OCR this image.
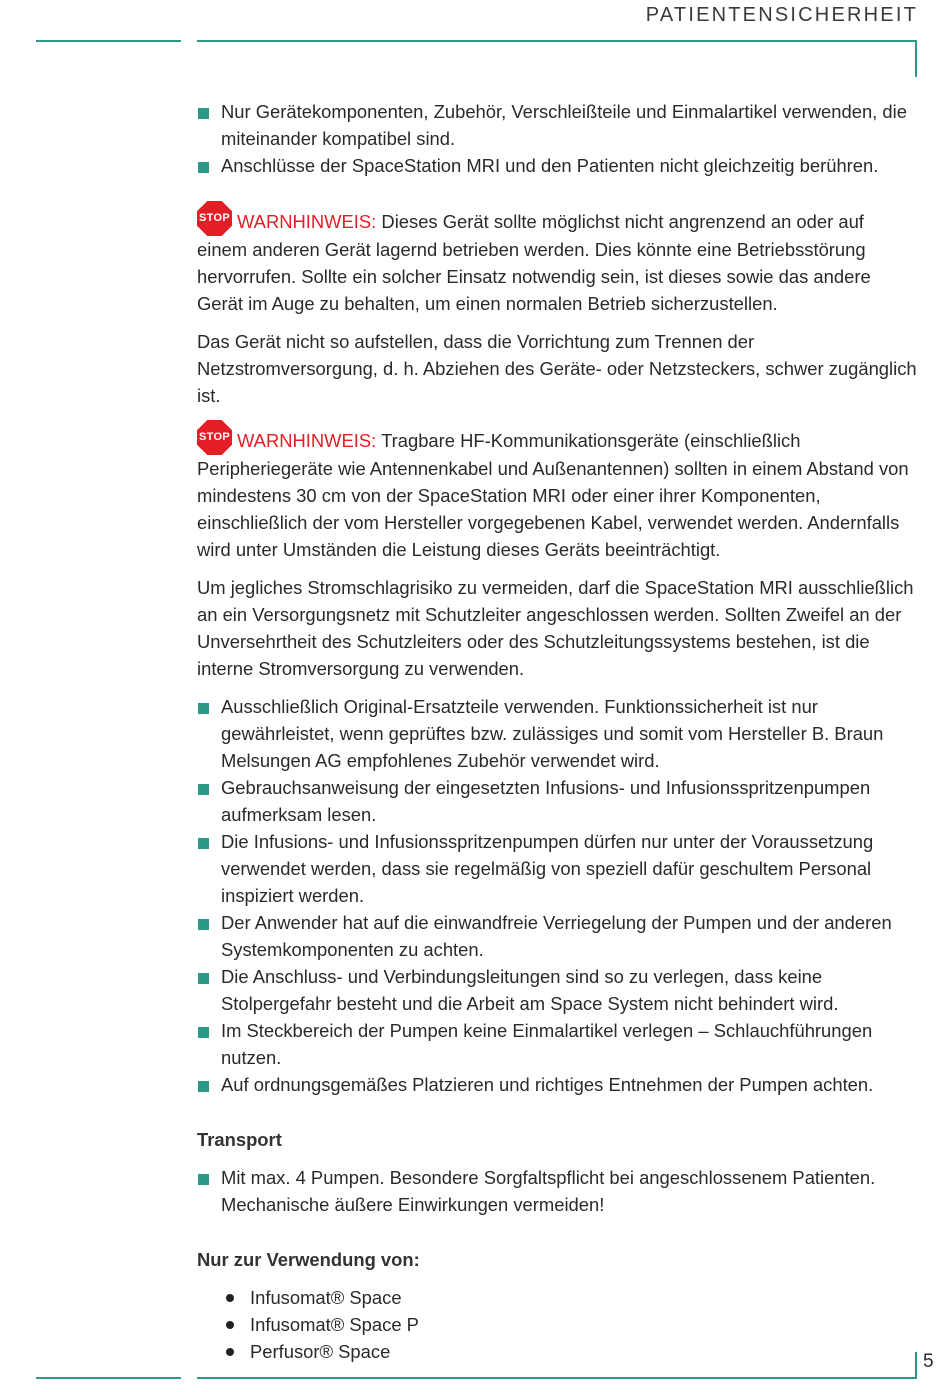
PATIENTENSICHERHEIT
Nur Gerätekomponenten, Zubehör, Verschleißteile und Einmalartikel verwenden, die miteinander kompatibel sind.
Anschlüsse der SpaceStation MRI und den Patienten nicht gleichzeitig berühren.

STOP WARNHINWEIS: Dieses Gerät sollte möglichst nicht angrenzend an oder auf einem anderen Gerät lagernd betrieben werden. Dies könnte eine Betriebsstörung hervorrufen. Sollte ein solcher Einsatz notwendig sein, ist dieses sowie das andere Gerät im Auge zu behalten, um einen normalen Betrieb sicherzustellen.

Das Gerät nicht so aufstellen, dass die Vorrichtung zum Trennen der Netzstromversorgung, d. h. Abziehen des Geräte- oder Netzsteckers, schwer zugänglich ist.

STOP WARNHINWEIS: Tragbare HF-Kommunikationsgeräte (einschließlich Peripheriegeräte wie Antennenkabel und Außenantennen) sollten in einem Abstand von mindestens 30 cm von der SpaceStation MRI oder einer ihrer Komponenten, einschließlich der vom Hersteller vorgegebenen Kabel, verwendet werden. Andernfalls wird unter Umständen die Leistung dieses Geräts beeinträchtigt.

Um jegliches Stromschlagrisiko zu vermeiden, darf die SpaceStation MRI ausschließlich an ein Versorgungsnetz mit Schutzleiter angeschlossen werden. Sollten Zweifel an der Unversehrtheit des Schutzleiters oder des Schutzleitungssystems bestehen, ist die interne Stromversorgung zu verwenden.

Ausschließlich Original-Ersatzteile verwenden. Funktionssicherheit ist nur gewährleistet, wenn geprüftes bzw. zulässiges und somit vom Hersteller B. Braun Melsungen AG empfohlenes Zubehör verwendet wird.
Gebrauchsanweisung der eingesetzten Infusions- und Infusionsspritzenpumpen aufmerksam lesen.
Die Infusions- und Infusionsspritzenpumpen dürfen nur unter der Voraussetzung verwendet werden, dass sie regelmäßig von speziell dafür geschultem Personal inspiziert werden.
Der Anwender hat auf die einwandfreie Verriegelung der Pumpen und der anderen Systemkomponenten zu achten.
Die Anschluss- und Verbindungsleitungen sind so zu verlegen, dass keine Stolpergefahr besteht und die Arbeit am Space System nicht behindert wird.
Im Steckbereich der Pumpen keine Einmalartikel verlegen – Schlauchführungen nutzen.
Auf ordnungsgemäßes Platzieren und richtiges Entnehmen der Pumpen achten.

Transport

Mit max. 4 Pumpen. Besondere Sorgfaltspflicht bei angeschlossenem Patienten. Mechanische äußere Einwirkungen vermeiden!

Nur zur Verwendung von:

Infusomat® Space
Infusomat® Space P
Perfusor® Space	5
